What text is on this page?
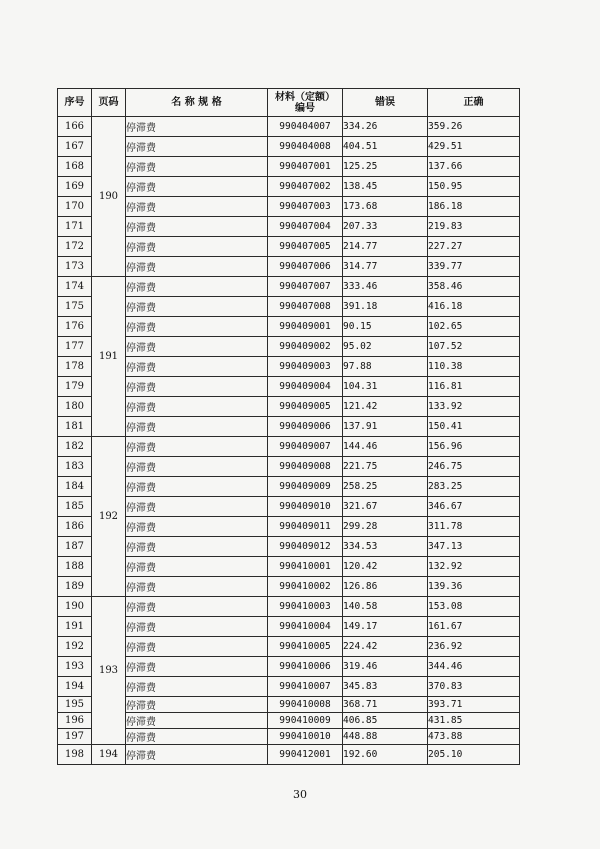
序号	页码	名 称 规 格	材料（定额）
编号	错误	正确
166	190	停滞费	990404007	334.26	359.26
167		停滞费	990404008	404.51	429.51
168		停滞费	990407001	125.25	137.66
169		停滞费	990407002	138.45	150.95
170		停滞费	990407003	173.68	186.18
171		停滞费	990407004	207.33	219.83
172		停滞费	990407005	214.77	227.27
173		停滞费	990407006	314.77	339.77
174	191	停滞费	990407007	333.46	358.46
175		停滞费	990407008	391.18	416.18
176		停滞费	990409001	90.15	102.65
177		停滞费	990409002	95.02	107.52
178		停滞费	990409003	97.88	110.38
179		停滞费	990409004	104.31	116.81
180		停滞费	990409005	121.42	133.92
181		停滞费	990409006	137.91	150.41
182	192	停滞费	990409007	144.46	156.96
183		停滞费	990409008	221.75	246.75
184		停滞费	990409009	258.25	283.25
185		停滞费	990409010	321.67	346.67
186		停滞费	990409011	299.28	311.78
187		停滞费	990409012	334.53	347.13
188		停滞费	990410001	120.42	132.92
189		停滞费	990410002	126.86	139.36
190	193	停滞费	990410003	140.58	153.08
191		停滞费	990410004	149.17	161.67
192		停滞费	990410005	224.42	236.92
193		停滞费	990410006	319.46	344.46
194		停滞费	990410007	345.83	370.83
195		停滞费	990410008	368.71	393.71
196		停滞费	990410009	406.85	431.85
197		停滞费	990410010	448.88	473.88
198	194	停滞费	990412001	192.60	205.10
30
